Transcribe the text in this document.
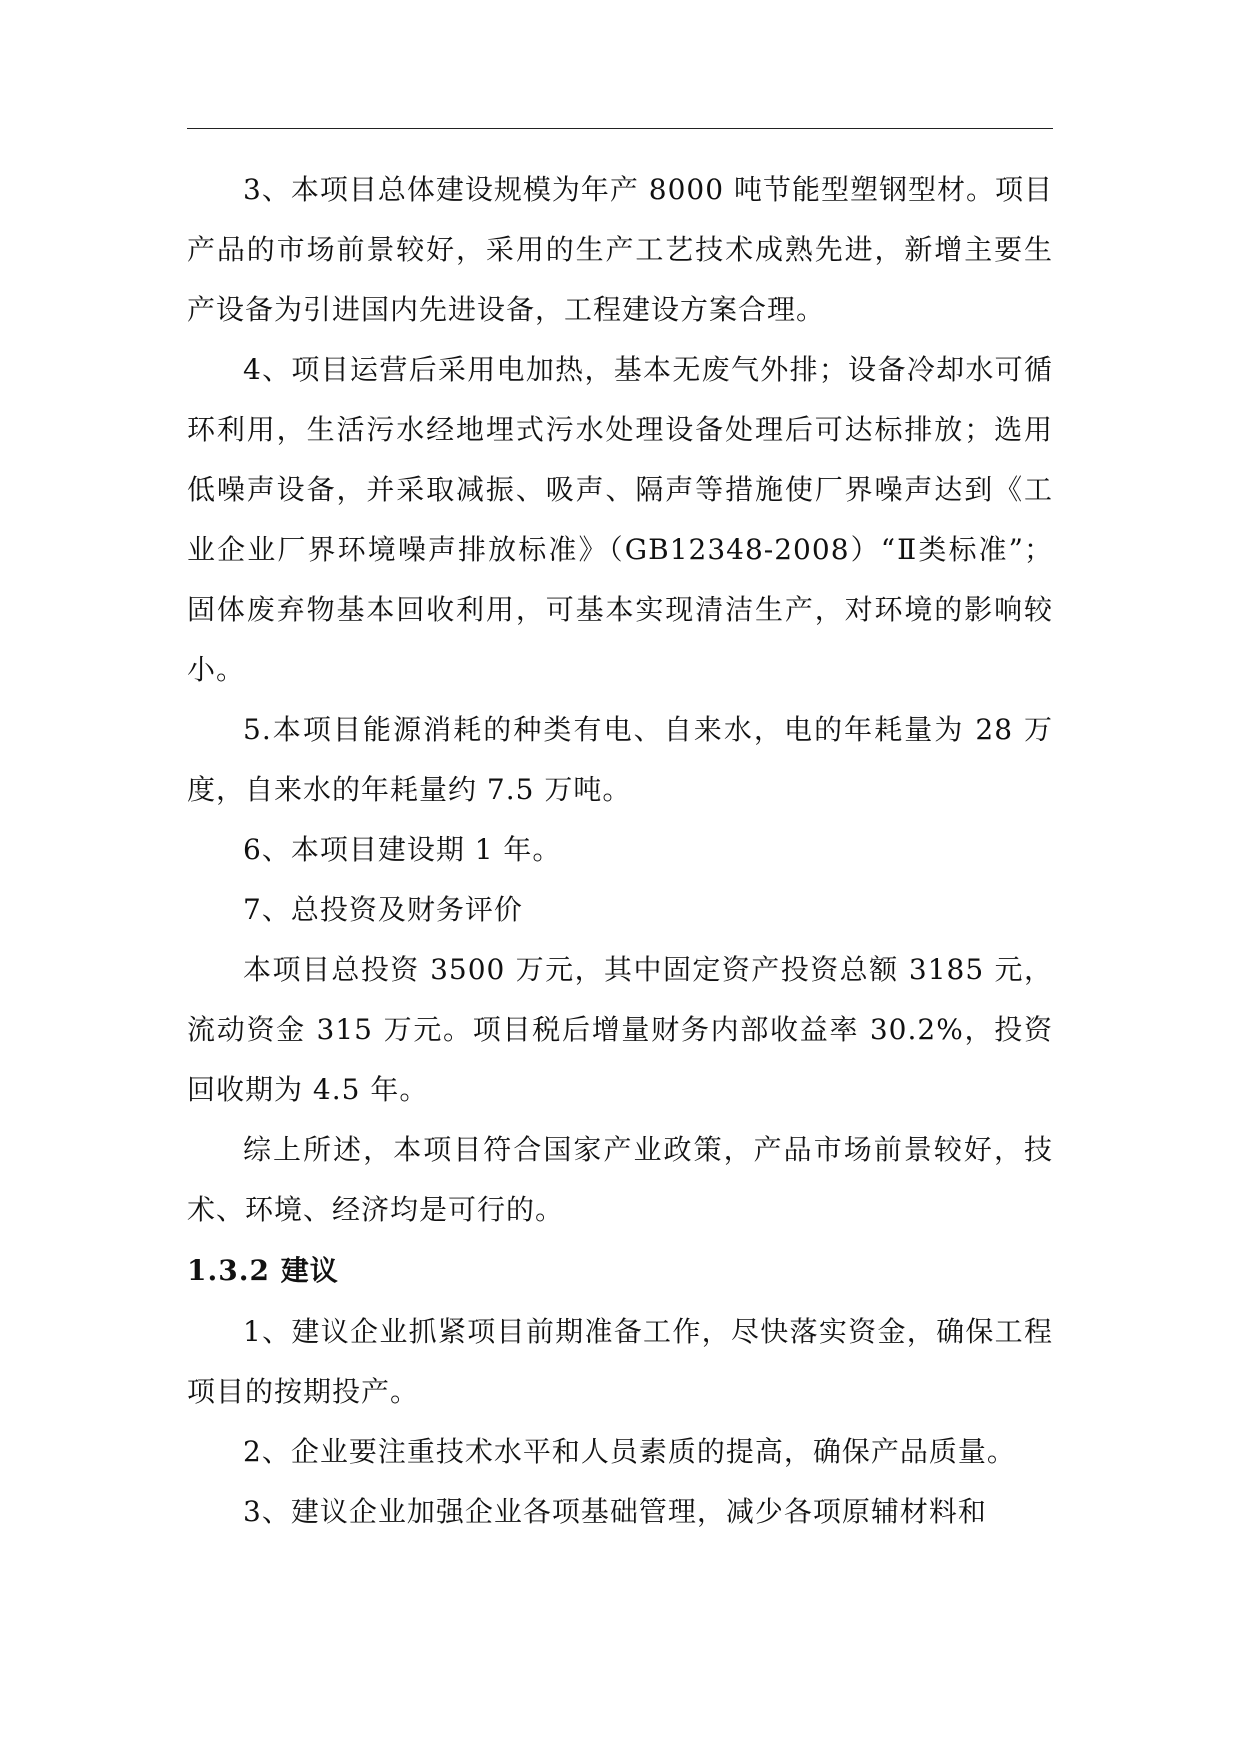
3、本项目总体建设规模为年产 8000 吨节能型塑钢型材。项目产品的市场前景较好，采用的生产工艺技术成熟先进，新增主要生产设备为引进国内先进设备，工程建设方案合理。

4、项目运营后采用电加热，基本无废气外排；设备冷却水可循环利用，生活污水经地埋式污水处理设备处理后可达标排放；选用低噪声设备，并采取减振、吸声、隔声等措施使厂界噪声达到《工业企业厂界环境噪声排放标准》（GB12348-2008）“Ⅱ类标准”； 固体废弃物基本回收利用，可基本实现清洁生产，对环境的影响较小。

5.本项目能源消耗的种类有电、自来水，电的年耗量为 28 万度，自来水的年耗量约 7.5 万吨。

6、本项目建设期 1 年。

7、总投资及财务评价

本项目总投资 3500 万元，其中固定资产投资总额 3185 元，流动资金 315 万元。项目税后增量财务内部收益率 30.2%，投资回收期为 4.5 年。

综上所述，本项目符合国家产业政策，产品市场前景较好，技术、环境、经济均是可行的。

1.3.2 建议

1、建议企业抓紧项目前期准备工作，尽快落实资金，确保工程项目的按期投产。

2、企业要注重技术水平和人员素质的提高，确保产品质量。

3、建议企业加强企业各项基础管理，减少各项原辅材料和
